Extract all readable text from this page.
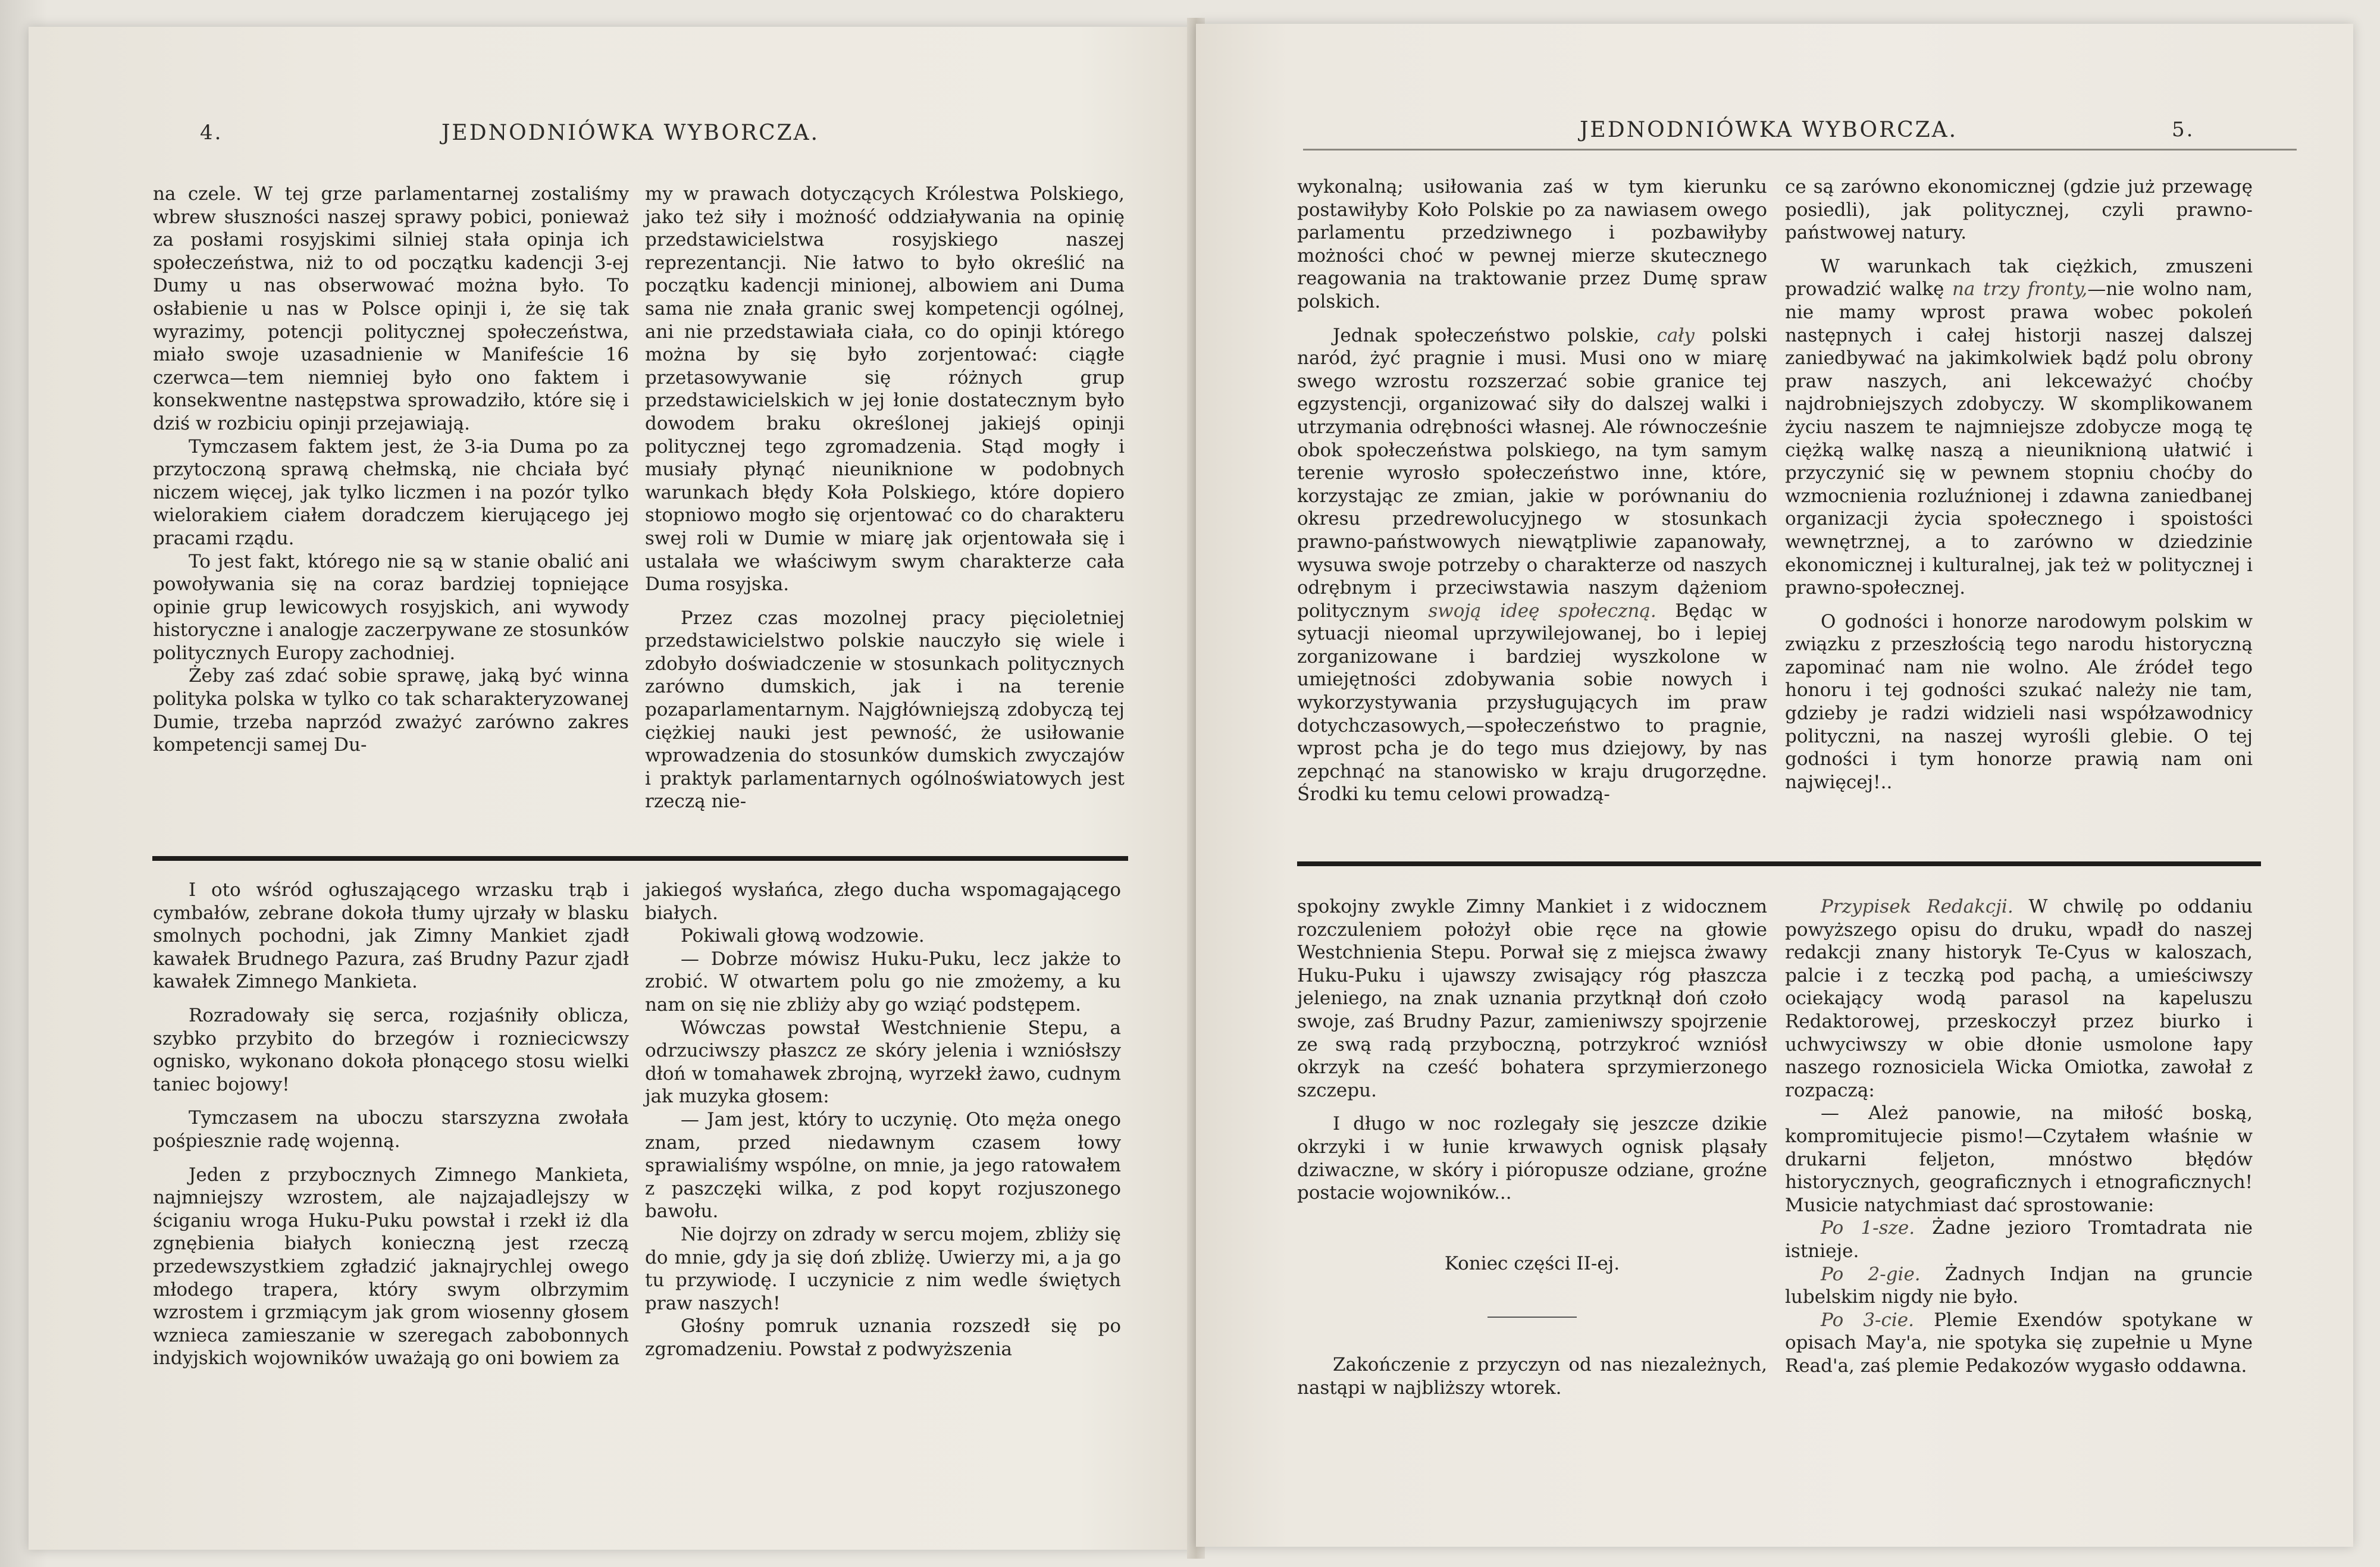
4.	JEDNODNIÓWKA WYBORCZA.

na czele. W tej grze parlamentarnej zostaliśmy wbrew słuszności naszej sprawy pobici, ponieważ za posłami rosyjskimi silniej stała opinja ich społeczeństwa, niż to od początku kadencji 3-ej Dumy u nas obserwować można było. To osłabienie u nas w Polsce opinji i, że się tak wyrazimy, potencji politycznej społeczeństwa, miało swoje uzasadnienie w Manifeście 16 czerwca—tem niemniej było ono faktem i konsekwentne następstwa sprowadziło, które się i dziś w rozbiciu opinji przejawiają.

Tymczasem faktem jest, że 3-ia Duma po za przytoczoną sprawą chełmską, nie chciała być niczem więcej, jak tylko liczmen i na pozór tylko wielorakiem ciałem doradczem kierującego jej pracami rządu.

To jest fakt, którego nie są w stanie obalić ani powoływania się na coraz bardziej topniejące opinie grup lewicowych rosyjskich, ani wywody historyczne i analogje zaczerpywane ze stosunków politycznych Europy zachodniej.

Żeby zaś zdać sobie sprawę, jaką być winna polityka polska w tylko co tak scharakteryzowanej Dumie, trzeba naprzód zważyć zarówno zakres kompetencji samej Du-

my w prawach dotyczących Królestwa Polskiego, jako też siły i możność oddziaływania na opinię przedstawicielstwa rosyjskiego naszej reprezentancji. Nie łatwo to było określić na początku kadencji minionej, albowiem ani Duma sama nie znała granic swej kompetencji ogólnej, ani nie przedstawiała ciała, co do opinji którego można by się było zorjentować: ciągłe przetasowywanie się różnych grup przedstawicielskich w jej łonie dostatecznym było dowodem braku określonej jakiejś opinji politycznej tego zgromadzenia. Stąd mogły i musiały płynąć nieuniknione w podobnych warunkach błędy Koła Polskiego, które dopiero stopniowo mogło się orjentować co do charakteru swej roli w Dumie w miarę jak orjentowała się i ustalała we właściwym swym charakterze cała Duma rosyjska.

Przez czas mozolnej pracy pięcioletniej przedstawicielstwo polskie nauczyło się wiele i zdobyło doświadczenie w stosunkach politycznych zarówno dumskich, jak i na terenie pozaparlamentarnym. Najgłówniejszą zdobyczą tej ciężkiej nauki jest pewność, że usiłowanie wprowadzenia do stosunków dumskich zwyczajów i praktyk parlamentarnych ogólnoświatowych jest rzeczą nie-

I oto wśród ogłuszającego wrzasku trąb i cymbałów, zebrane dokoła tłumy ujrzały w blasku smolnych pochodni, jak Zimny Mankiet zjadł kawałek Brudnego Pazura, zaś Brudny Pazur zjadł kawałek Zimnego Mankieta.

Rozradowały się serca, rozjaśniły oblicza, szybko przybito do brzegów i rozniecicwszy ognisko, wykonano dokoła płonącego stosu wielki taniec bojowy!

Tymczasem na uboczu starszyzna zwołała pośpiesznie radę wojenną.

Jeden z przybocznych Zimnego Mankieta, najmniejszy wzrostem, ale najzajadlejszy w ściganiu wroga Huku-Puku powstał i rzekł iż dla zgnębienia białych konieczną jest rzeczą przedewszystkiem zgładzić jaknajrychlej owego młodego trapera, który swym olbrzymim wzrostem i grzmiącym jak grom wiosenny głosem wznieca zamieszanie w szeregach zabobonnych indyjskich wojowników uważają go oni bowiem za

jakiegoś wysłańca, złego ducha wspomagającego białych.

Pokiwali głową wodzowie.

— Dobrze mówisz Huku-Puku, lecz jakże to zrobić. W otwartem polu go nie zmożemy, a ku nam on się nie zbliży aby go wziąć podstępem.

Wówczas powstał Westchnienie Stepu, a odrzuciwszy płaszcz ze skóry jelenia i wzniósłszy dłoń w tomahawek zbrojną, wyrzekł żawo, cudnym jak muzyka głosem:

— Jam jest, który to uczynię. Oto męża onego znam, przed niedawnym czasem łowy sprawialiśmy wspólne, on mnie, ja jego ratowałem z paszczęki wilka, z pod kopyt rozjuszonego bawołu.

Nie dojrzy on zdrady w sercu mojem, zbliży się do mnie, gdy ja się doń zbliżę. Uwierzy mi, a ja go tu przywiodę. I uczynicie z nim wedle świętych praw naszych!

Głośny pomruk uznania rozszedł się po zgromadzeniu. Powstał z podwyższenia

JEDNODNIÓWKA WYBORCZA.	5.

wykonalną; usiłowania zaś w tym kierunku postawiłyby Koło Polskie po za nawiasem owego parlamentu przedziwnego i pozbawiłyby możności choć w pewnej mierze skutecznego reagowania na traktowanie przez Dumę spraw polskich.

Jednak społeczeństwo polskie, cały polski naród, żyć pragnie i musi. Musi ono w miarę swego wzrostu rozszerzać sobie granice tej egzystencji, organizować siły do dalszej walki i utrzymania odrębności własnej. Ale równocześnie obok społeczeństwa polskiego, na tym samym terenie wyrosło społeczeństwo inne, które, korzystając ze zmian, jakie w porównaniu do okresu przedrewolucyjnego w stosunkach prawno-państwowych niewątpliwie zapanowały, wysuwa swoje potrzeby o charakterze od naszych odrębnym i przeciwstawia naszym dążeniom politycznym swoją ideę społeczną. Będąc w sytuacji nieomal uprzywilejowanej, bo i lepiej zorganizowane i bardziej wyszkolone w umiejętności zdobywania sobie nowych i wykorzystywania przysługujących im praw dotychczasowych,—społeczeństwo to pragnie, wprost pcha je do tego mus dziejowy, by nas zepchnąć na stanowisko w kraju drugorzędne. Środki ku temu celowi prowadzą-

ce są zarówno ekonomicznej (gdzie już przewagę posiedli), jak politycznej, czyli prawno-państwowej natury.

W warunkach tak ciężkich, zmuszeni prowadzić walkę na trzy fronty,—nie wolno nam, nie mamy wprost prawa wobec pokoleń następnych i całej historji naszej dalszej zaniedbywać na jakimkolwiek bądź polu obrony praw naszych, ani lekceważyć choćby najdrobniejszych zdobyczy. W skomplikowanem życiu naszem te najmniejsze zdobycze mogą tę ciężką walkę naszą a nieuniknioną ułatwić i przyczynić się w pewnem stopniu choćby do wzmocnienia rozluźnionej i zdawna zaniedbanej organizacji życia społecznego i spoistości wewnętrznej, a to zarówno w dziedzinie ekonomicznej i kulturalnej, jak też w politycznej i prawno-społecznej.

O godności i honorze narodowym polskim w związku z przeszłością tego narodu historyczną zapominać nam nie wolno. Ale źródeł tego honoru i tej godności szukać należy nie tam, gdzieby je radzi widzieli nasi współzawodnicy polityczni, na naszej wyrośli glebie. O tej godności i tym honorze prawią nam oni najwięcej!..

spokojny zwykle Zimny Mankiet i z widocznem rozczuleniem położył obie ręce na głowie Westchnienia Stepu. Porwał się z miejsca żwawy Huku-Puku i ujawszy zwisający róg płaszcza jeleniego, na znak uznania przytknął doń czoło swoje, zaś Brudny Pazur, zamieniwszy spojrzenie ze swą radą przyboczną, potrzykroć wzniósł okrzyk na cześć bohatera sprzymierzonego szczepu.

I długo w noc rozlegały się jeszcze dzikie okrzyki i w łunie krwawych ognisk pląsały dziwaczne, w skóry i pióropusze odziane, groźne postacie wojowników...

Koniec części II-ej.

Zakończenie z przyczyn od nas niezależnych, nastąpi w najbliższy wtorek.

Przypisek Redakcji. W chwilę po oddaniu powyższego opisu do druku, wpadł do naszej redakcji znany historyk Te-Cyus w kaloszach, palcie i z teczką pod pachą, a umieściwszy ociekający wodą parasol na kapeluszu Redaktorowej, przeskoczył przez biurko i uchwyciwszy w obie dłonie usmolone łapy naszego roznosiciela Wicka Omiotka, zawołał z rozpaczą:

— Ależ panowie, na miłość boską, kompromitujecie pismo!—Czytałem właśnie w drukarni feljeton, mnóstwo błędów historycznych, geograficznych i etnograficznych! Musicie natychmiast dać sprostowanie:

Po 1-sze. Żadne jezioro Tromtadrata nie istnieje.

Po 2-gie. Żadnych Indjan na gruncie lubelskim nigdy nie było.

Po 3-cie. Plemie Exendów spotykane w opisach May'a, nie spotyka się zupełnie u Myne Read'a, zaś plemie Pedakozów wygasło oddawna.
